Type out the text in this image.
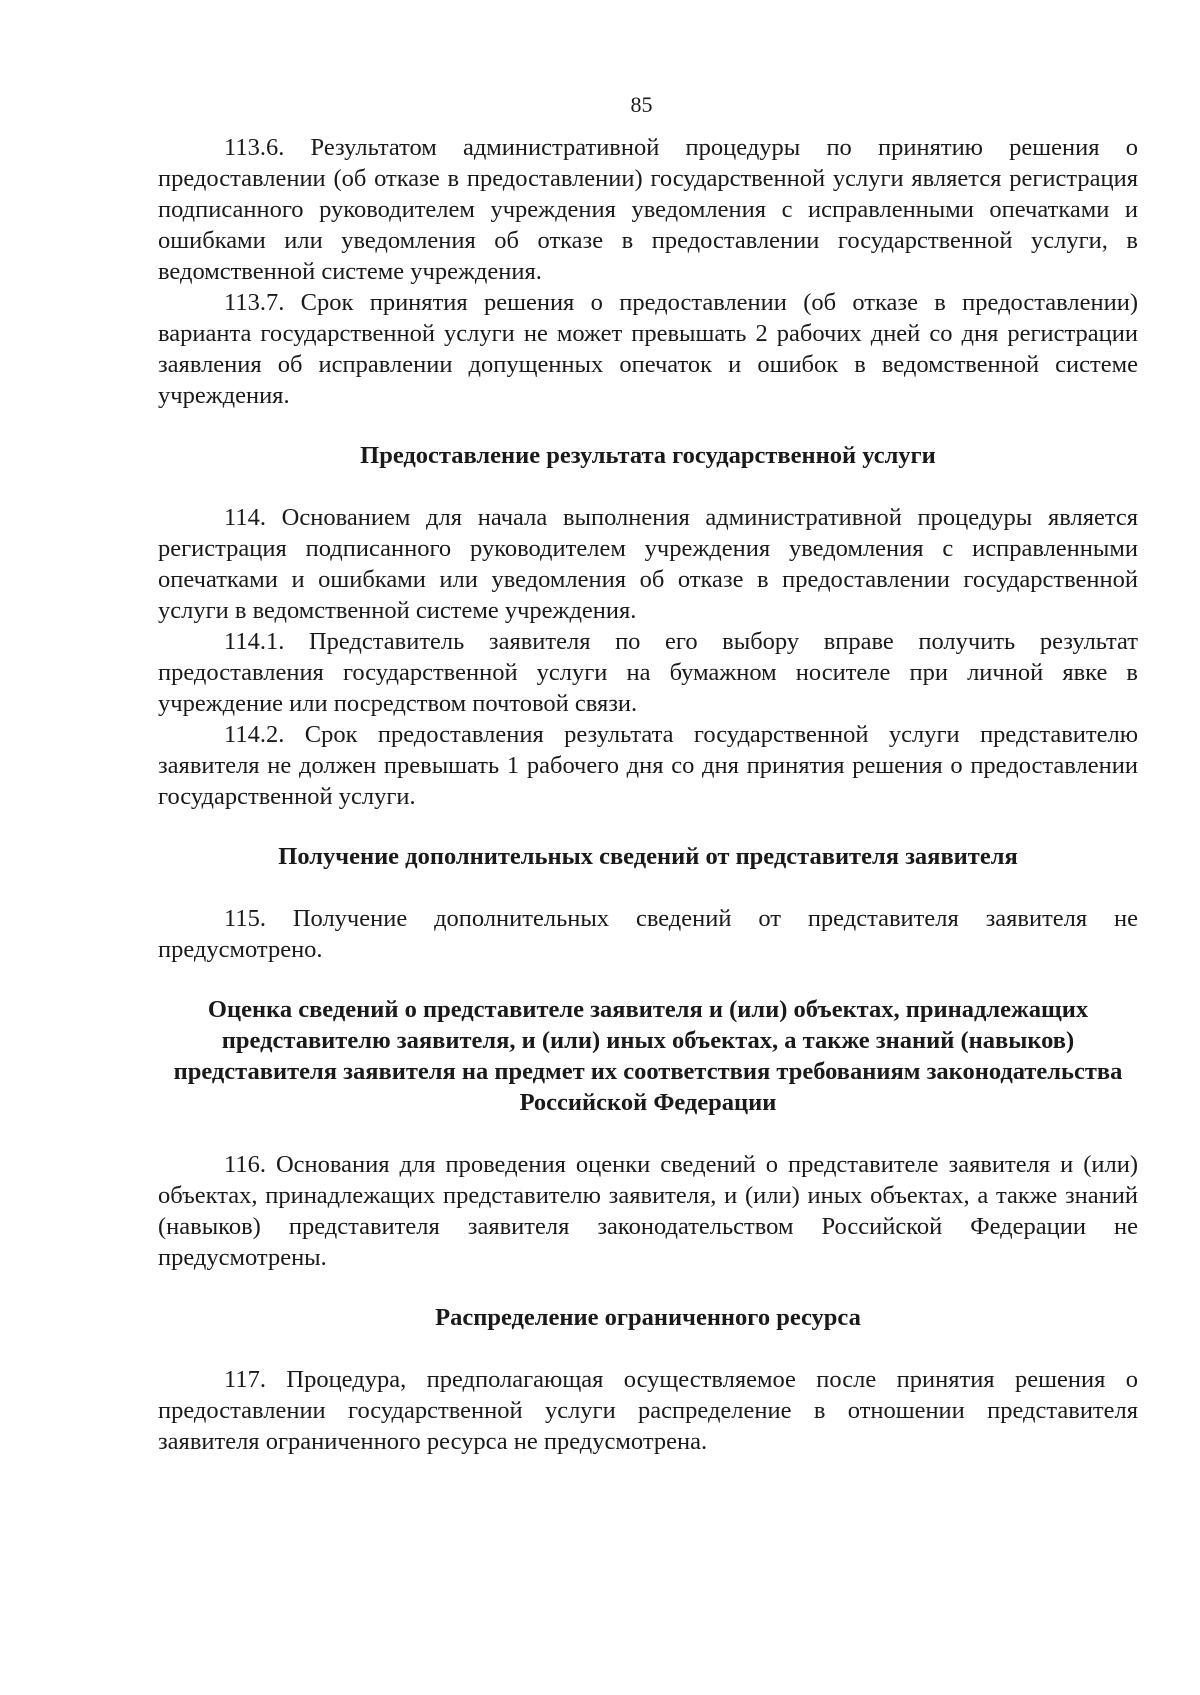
85

113.6. Результатом административной процедуры по принятию решения о предоставлении (об отказе в предоставлении) государственной услуги является регистрация подписанного руководителем учреждения уведомления с исправленными опечатками и ошибками или уведомления об отказе в предоставлении государственной услуги, в ведомственной системе учреждения.

113.7. Срок принятия решения о предоставлении (об отказе в предоставлении) варианта государственной услуги не может превышать 2 рабочих дней со дня регистрации заявления об исправлении допущенных опечаток и ошибок в ведомственной системе учреждения.

Предоставление результата государственной услуги

114. Основанием для начала выполнения административной процедуры является регистрация подписанного руководителем учреждения уведомления с исправленными опечатками и ошибками или уведомления об отказе в предоставлении государственной услуги в ведомственной системе учреждения.

114.1. Представитель заявителя по его выбору вправе получить результат предоставления государственной услуги на бумажном носителе при личной явке в учреждение или посредством почтовой связи.

114.2. Срок предоставления результата государственной услуги представителю заявителя не должен превышать 1 рабочего дня со дня принятия решения о предоставлении государственной услуги.

Получение дополнительных сведений от представителя заявителя

115. Получение дополнительных сведений от представителя заявителя не предусмотрено.

Оценка сведений о представителе заявителя и (или) объектах, принадлежащих представителю заявителя, и (или) иных объектах, а также знаний (навыков) представителя заявителя на предмет их соответствия требованиям законодательства Российской Федерации

116. Основания для проведения оценки сведений о представителе заявителя и (или) объектах, принадлежащих представителю заявителя, и (или) иных объектах, а также знаний (навыков) представителя заявителя законодательством Российской Федерации не предусмотрены.

Распределение ограниченного ресурса

117. Процедура, предполагающая осуществляемое после принятия решения о предоставлении государственной услуги распределение в отношении представителя заявителя ограниченного ресурса не предусмотрена.
